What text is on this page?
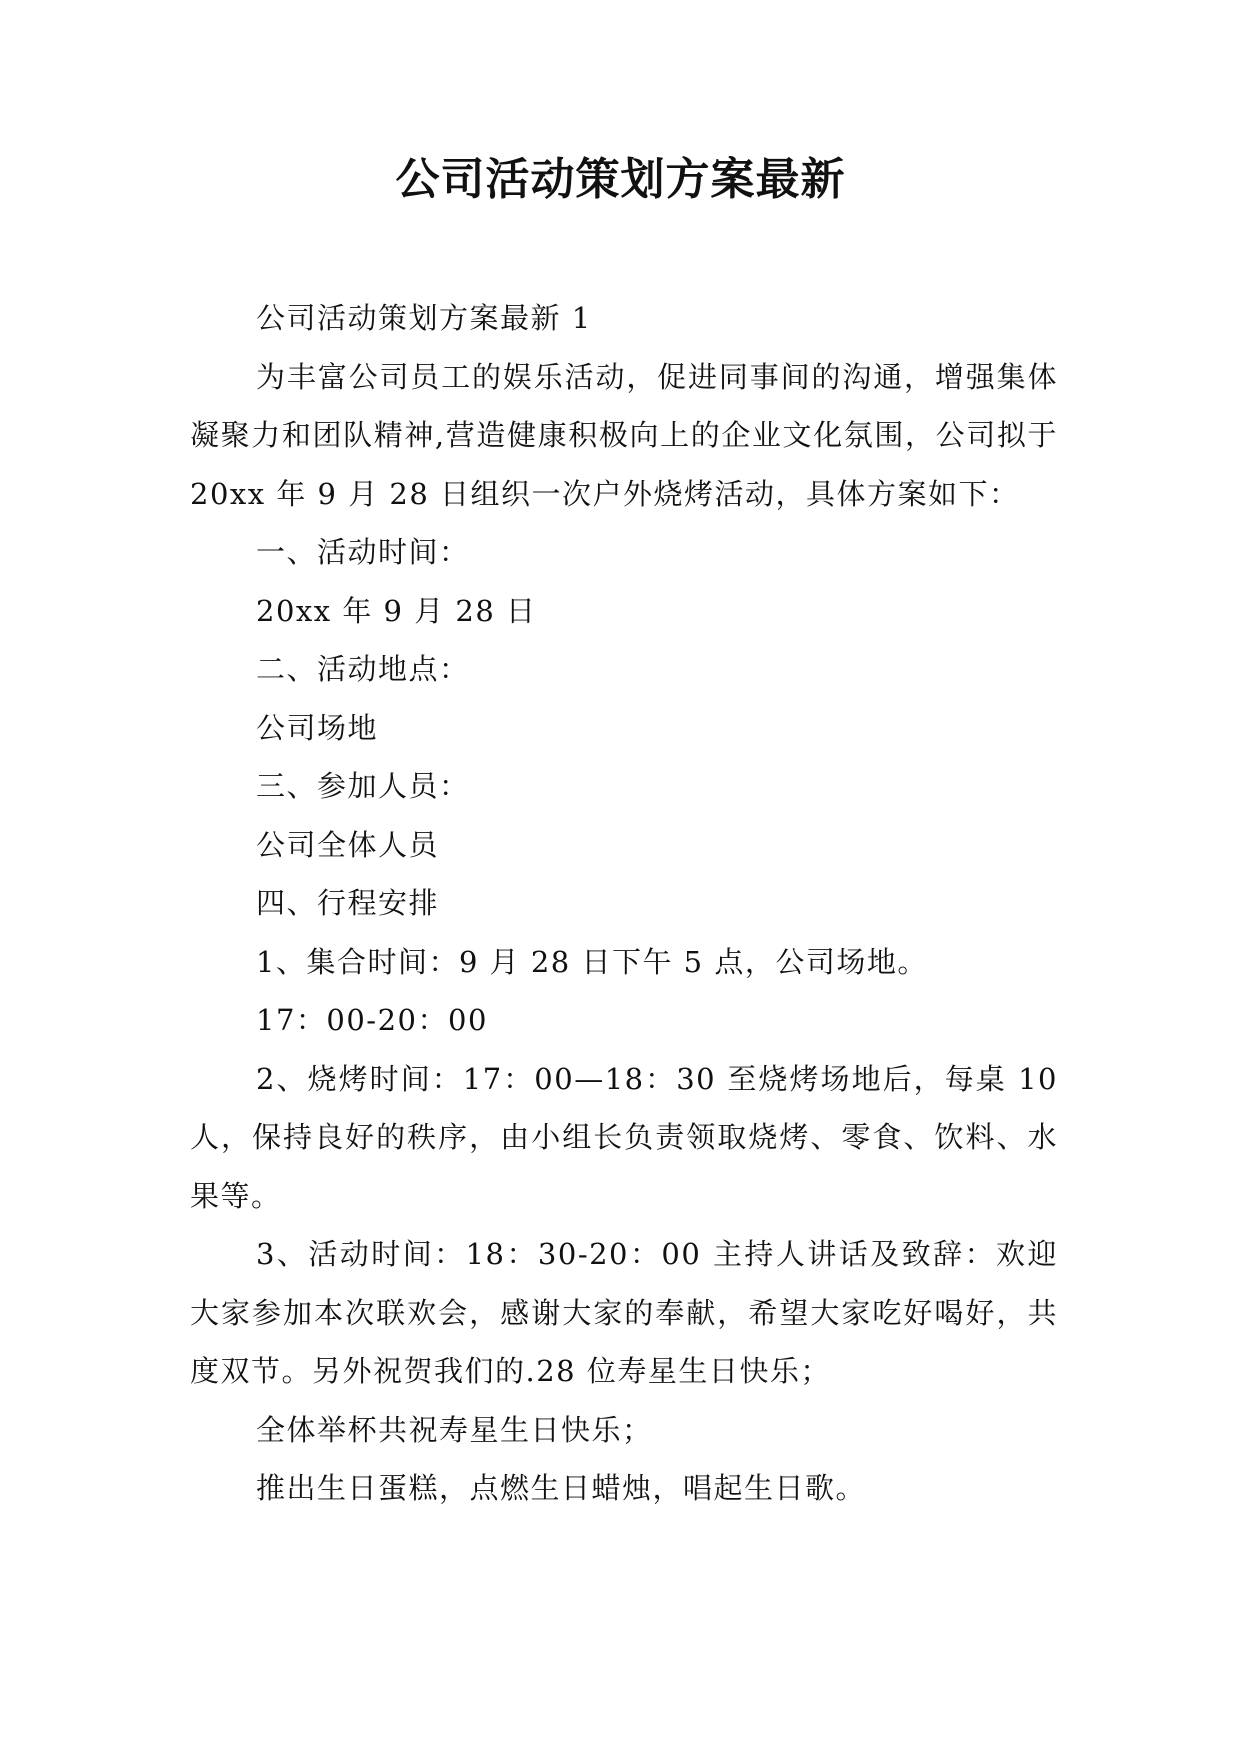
公司活动策划方案最新

公司活动策划方案最新 1

为丰富公司员工的娱乐活动，促进同事间的沟通，增强集体凝聚力和团队精神,营造健康积极向上的企业文化氛围，公司拟于 20xx 年 9 月 28 日组织一次户外烧烤活动，具体方案如下：

一、活动时间：

20xx 年 9 月 28 日

二、活动地点：

公司场地

三、参加人员：

公司全体人员

四、行程安排

1、集合时间：9 月 28 日下午 5 点，公司场地。

17：00-20：00

2、烧烤时间：17：00—18：30 至烧烤场地后，每桌 10 人，保持良好的秩序，由小组长负责领取烧烤、零食、饮料、水果等。

3、活动时间：18：30-20：00 主持人讲话及致辞：欢迎大家参加本次联欢会，感谢大家的奉献，希望大家吃好喝好，共度双节。另外祝贺我们的.28 位寿星生日快乐；

全体举杯共祝寿星生日快乐；

推出生日蛋糕，点燃生日蜡烛，唱起生日歌。
